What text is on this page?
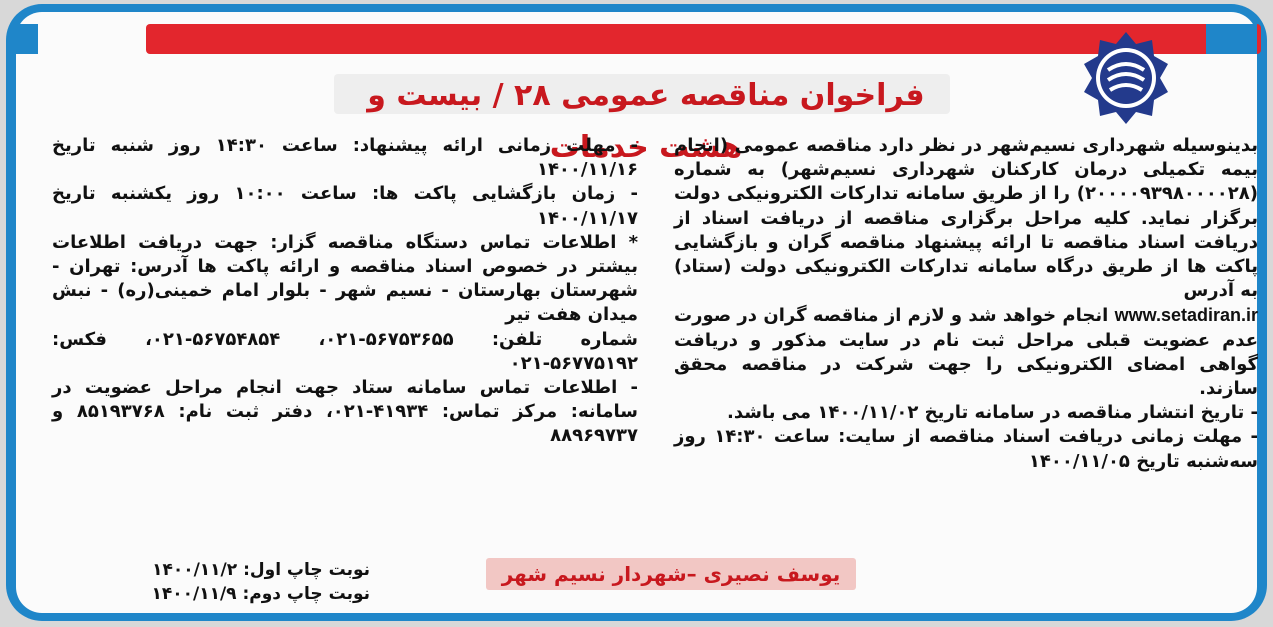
فراخوان مناقصه عمومی ۲۸ / بیست و هشت خدمات

بدینوسیله شهرداری نسیم‌شهر در نظر دارد مناقصه عمومی (انجام بیمه تکمیلی درمان کارکنان شهرداری نسیم‌شهر) به شماره (۲۰۰۰۰۹۳۹۸۰۰۰۰۲۸) را از طریق سامانه تدارکات الکترونیکی دولت برگزار نماید. کلیه مراحل برگزاری مناقصه از دریافت اسناد از دریافت اسناد مناقصه تا ارائه پیشنهاد مناقصه گران و بازگشایی پاکت ها از طریق درگاه سامانه تدارکات الکترونیکی دولت (ستاد) به آدرس

www.setadiran.ir انجام خواهد شد و لازم از مناقصه گران در صورت عدم عضویت قبلی مراحل ثبت نام در سایت مذکور و دریافت گواهی امضای الکترونیکی را جهت شرکت در مناقصه محقق سازند.

- تاریخ انتشار مناقصه در سامانه تاریخ ۱۴۰۰/۱۱/۰۲ می باشد.

- مهلت زمانی دریافت اسناد مناقصه از سایت: ساعت ۱۴:۳۰ روز سه‌شنبه تاریخ ۱۴۰۰/۱۱/۰۵

- مهلت زمانی ارائه پیشنهاد: ساعت ۱۴:۳۰ روز شنبه تاریخ ۱۴۰۰/۱۱/۱۶

- زمان بازگشایی پاکت ها: ساعت ۱۰:۰۰ روز یکشنبه تاریخ ۱۴۰۰/۱۱/۱۷

* اطلاعات تماس دستگاه مناقصه گزار: جهت دریافت اطلاعات بیشتر در خصوص اسناد مناقصه و ارائه پاکت ها آدرس: تهران - شهرستان بهارستان - نسیم شهر - بلوار امام خمینی(ره) - نبش میدان هفت تیر

شماره تلفن: ۵۶۷۵۳۶۵۵-۰۲۱، ۵۶۷۵۴۸۵۴-۰۲۱، فکس: ۵۶۷۷۵۱۹۲-۰۲۱

- اطلاعات تماس سامانه ستاد جهت انجام مراحل عضویت در سامانه: مرکز تماس: ۴۱۹۳۴-۰۲۱، دفتر ثبت نام: ۸۵۱۹۳۷۶۸ و ۸۸۹۶۹۷۳۷

یوسف نصیری –شهردار نسیم شهر
نوبت چاپ اول: ۱۴۰۰/۱۱/۲
نوبت چاپ دوم: ۱۴۰۰/۱۱/۹
